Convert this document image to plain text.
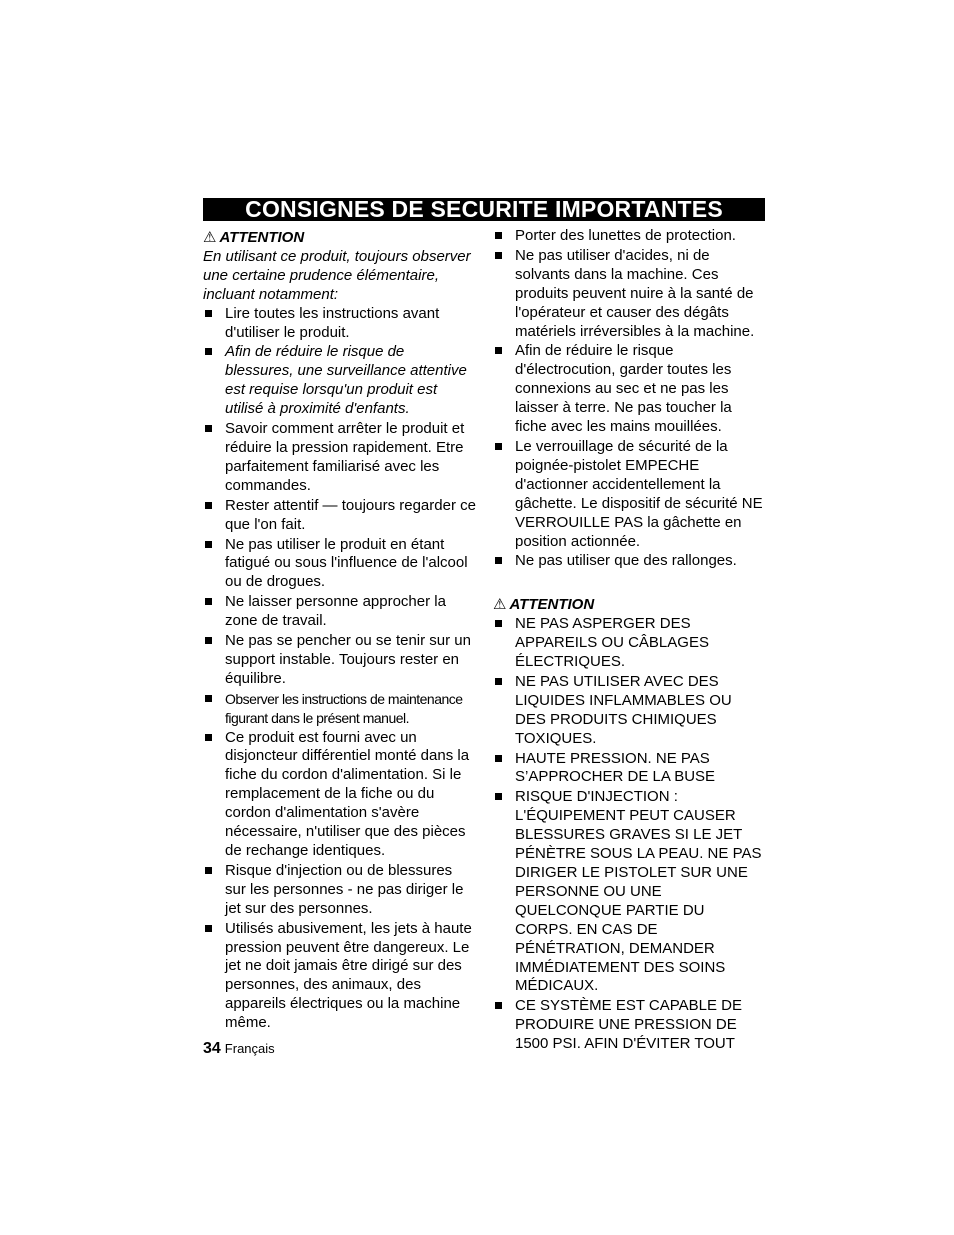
CONSIGNES DE SECURITE IMPORTANTES
⚠ ATTENTION
En utilisant ce produit, toujours observer une certaine prudence élémentaire, incluant notamment:
Lire toutes les instructions avant d'utiliser le produit.
Afin de réduire le risque de blessures, une surveillance attentive est requise lorsqu'un produit est utilisé à proximité d'enfants.
Savoir comment arrêter le produit et réduire la pression rapidement. Etre parfaitement familiarisé avec les commandes.
Rester attentif — toujours regarder ce que l'on fait.
Ne pas utiliser le produit en étant fatigué ou sous l'influence de l'alcool ou de drogues.
Ne laisser personne approcher la zone de travail.
Ne pas se pencher ou se tenir sur un support instable. Toujours rester en équilibre.
Observer les instructions de maintenance figurant dans le présent manuel.
Ce produit est fourni avec un disjoncteur différentiel monté dans la fiche du cordon d'alimentation. Si le remplacement de la fiche ou du cordon d'alimentation s'avère nécessaire, n'utiliser que des pièces de rechange identiques.
Risque d'injection ou de blessures sur les personnes - ne pas diriger le jet sur des personnes.
Utilisés abusivement, les jets à haute pression peuvent être dangereux. Le jet ne doit jamais être dirigé sur des personnes, des animaux, des appareils électriques ou la machine même.
Porter des lunettes de protection.
Ne pas utiliser d'acides, ni de solvants dans la machine. Ces produits peuvent nuire à la santé de l'opérateur et causer des dégâts matériels irréversibles à la machine.
Afin de réduire le risque d'électrocution, garder toutes les connexions au sec et ne pas les laisser à terre. Ne pas toucher la fiche avec les mains mouillées.
Le verrouillage de sécurité de la poignée-pistolet EMPECHE d'actionner accidentellement la gâchette. Le dispositif de sécurité NE VERROUILLE PAS la gâchette en position actionnée.
Ne pas utiliser que des rallonges.
⚠ ATTENTION
NE PAS ASPERGER DES APPAREILS OU CÂBLAGES ÉLECTRIQUES.
NE PAS UTILISER AVEC DES LIQUIDES INFLAMMABLES OU DES PRODUITS CHIMIQUES TOXIQUES.
HAUTE PRESSION. NE PAS S’APPROCHER DE LA BUSE
RISQUE D'INJECTION : L'ÉQUIPEMENT PEUT CAUSER BLESSURES GRAVES SI LE JET PÉNÈTRE SOUS LA PEAU. NE PAS DIRIGER LE PISTOLET SUR UNE PERSONNE OU UNE QUELCONQUE PARTIE DU CORPS. EN CAS DE PÉNÉTRATION, DEMANDER IMMÉDIATEMENT DES SOINS MÉDICAUX.
CE SYSTÈME EST CAPABLE DE PRODUIRE UNE PRESSION DE 1500 PSI. AFIN D'ÉVITER TOUT
34 Français
